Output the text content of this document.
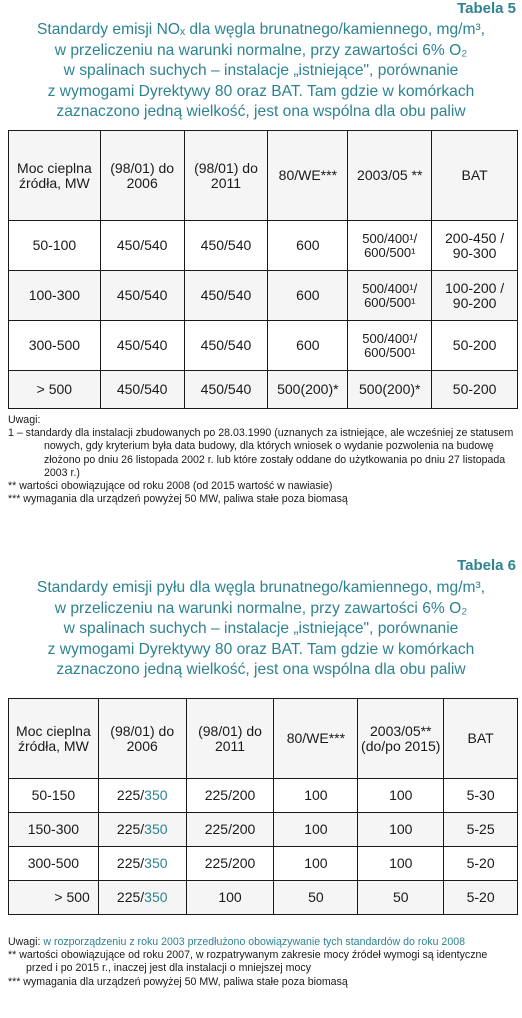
Tabela 5
Standardy emisji NOₓ dla węgla brunatnego/kamiennego, mg/m³,
w przeliczeniu na warunki normalne, przy zawartości 6% O₂
w spalinach suchych – instalacje „istniejące", porównanie
z wymogami Dyrektywy 80 oraz BAT. Tam gdzie w komórkach
zaznaczono jedną wielkość, jest ona wspólna dla obu paliw
Moc cieplna źródła, MW	(98/01) do 2006	(98/01) do 2011	80/WE***	2003/05 **	BAT
50-100	450/540	450/540	600	500/400¹/ 600/500¹	200-450 / 90-300
100-300	450/540	450/540	600	500/400¹/ 600/500¹	100-200 / 90-200
300-500	450/540	450/540	600	500/400¹/ 600/500¹	50-200
> 500	450/540	450/540	500(200)*	500(200)*	50-200
Uwagi:
1 – standardy dla instalacji zbudowanych po 28.03.1990 (uznanych za istniejące, ale wcześniej ze statusem nowych, gdy kryterium była data budowy, dla których wniosek o wydanie pozwolenia na budowę złożono po dniu 26 listopada 2002 r. lub które zostały oddane do użytkowania po dniu 27 listopada 2003 r.)
** wartości obowiązujące od roku 2008 (od 2015 wartość w nawiasie)
*** wymagania dla urządzeń powyżej 50 MW, paliwa stałe poza biomasą
Tabela 6
Standardy emisji pyłu dla węgla brunatnego/kamiennego, mg/m³,
w przeliczeniu na warunki normalne, przy zawartości 6% O₂
w spalinach suchych – instalacje „istniejące", porównanie
z wymogami Dyrektywy 80 oraz BAT. Tam gdzie w komórkach
zaznaczono jedną wielkość, jest ona wspólna dla obu paliw
Moc cieplna źródła, MW	(98/01) do 2006	(98/01) do 2011	80/WE***	2003/05** (do/po 2015)	BAT
50-150	225/350	225/200	100	100	5-30
150-300	225/350	225/200	100	100	5-25
300-500	225/350	225/200	100	100	5-20
> 500	225/350	100	50	50	5-20
Uwagi: w rozporządzeniu z roku 2003 przedłużono obowiązywanie tych standardów do roku 2008
** wartości obowiązujące od roku 2007, w rozpatrywanym zakresie mocy źródeł wymogi są identyczne przed i po 2015 r., inaczej jest dla instalacji o mniejszej mocy
*** wymagania dla urządzeń powyżej 50 MW, paliwa stałe poza biomasą
